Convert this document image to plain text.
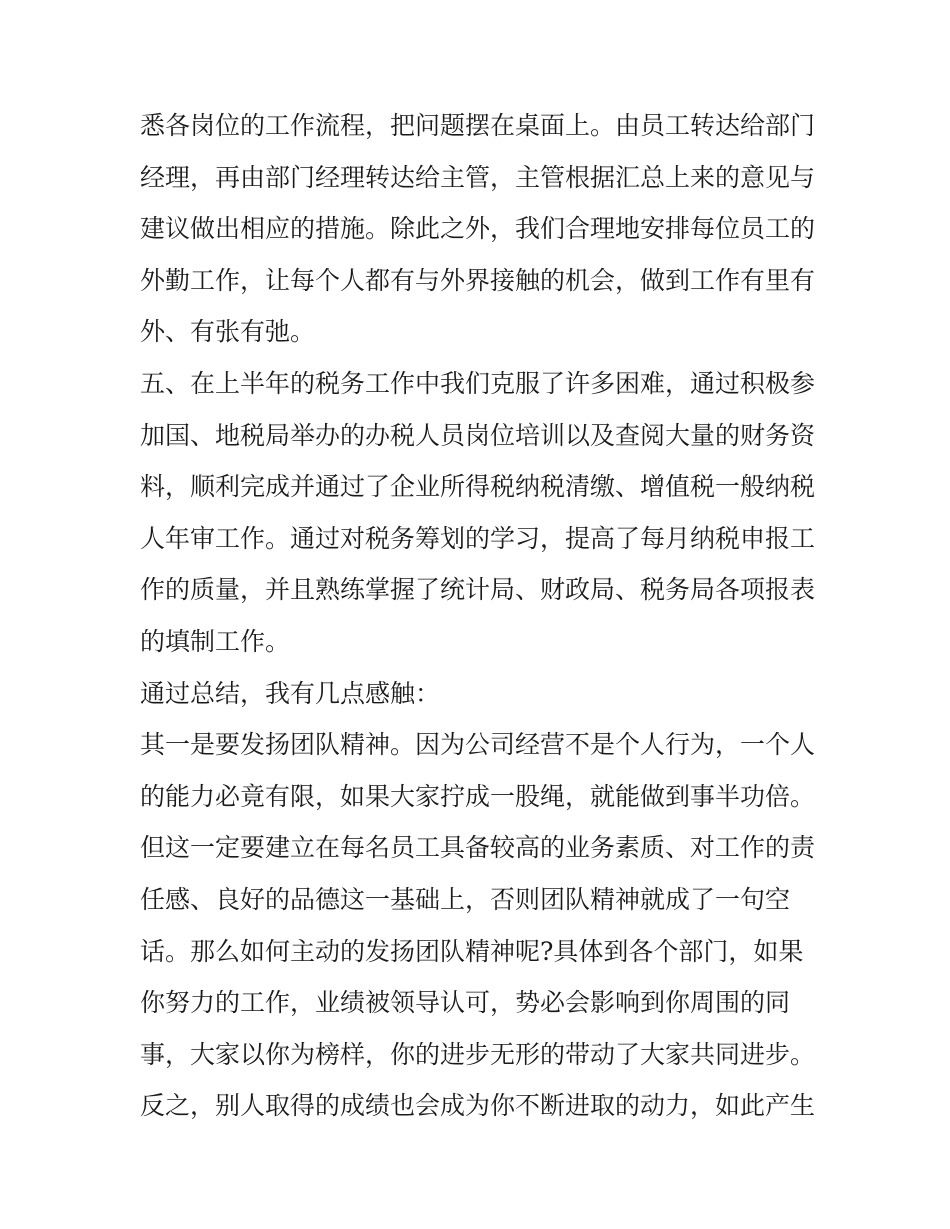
悉各岗位的工作流程，把问题摆在桌面上。由员工转达给部门
经理，再由部门经理转达给主管，主管根据汇总上来的意见与
建议做出相应的措施。除此之外，我们合理地安排每位员工的
外勤工作，让每个人都有与外界接触的机会，做到工作有里有
外、有张有弛。
五、在上半年的税务工作中我们克服了许多困难，通过积极参
加国、地税局举办的办税人员岗位培训以及查阅大量的财务资
料，顺利完成并通过了企业所得税纳税清缴、增值税一般纳税
人年审工作。通过对税务筹划的学习，提高了每月纳税申报工
作的质量，并且熟练掌握了统计局、财政局、税务局各项报表
的填制工作。
通过总结，我有几点感触：
其一是要发扬团队精神。因为公司经营不是个人行为，一个人
的能力必竟有限，如果大家拧成一股绳，就能做到事半功倍。
但这一定要建立在每名员工具备较高的业务素质、对工作的责
任感、良好的品德这一基础上，否则团队精神就成了一句空
话。那么如何主动的发扬团队精神呢?具体到各个部门，如果
你努力的工作，业绩被领导认可，势必会影响到你周围的同
事，大家以你为榜样，你的进步无形的带动了大家共同进步。
反之，别人取得的成绩也会成为你不断进取的动力，如此产生
